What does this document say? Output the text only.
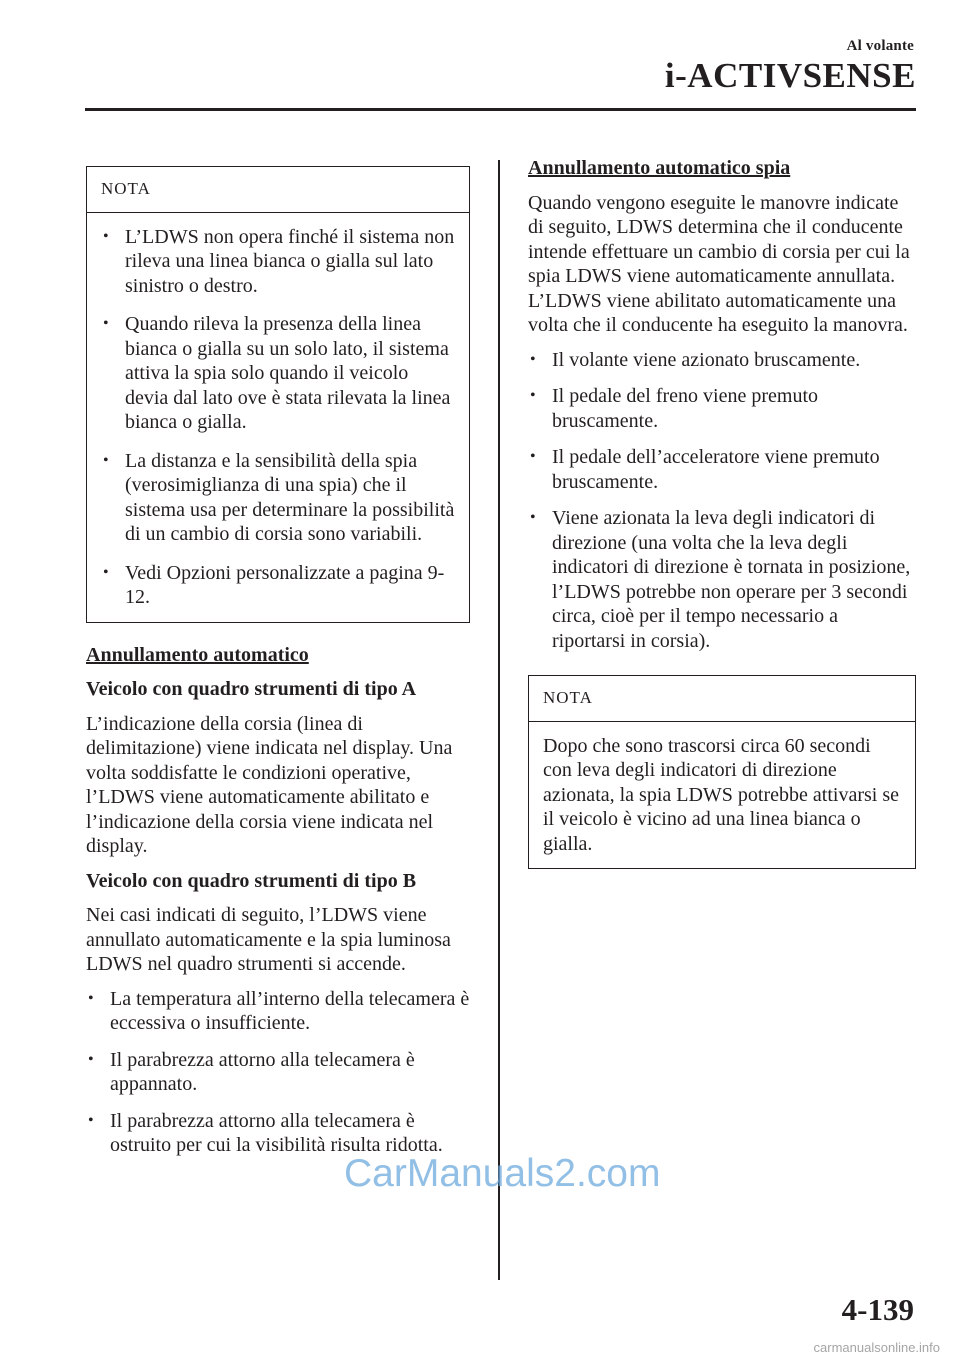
Al volante
i-ACTIVSENSE
NOTA
• L’LDWS non opera finché il sistema non rileva una linea bianca o gialla sul lato sinistro o destro.
• Quando rileva la presenza della linea bianca o gialla su un solo lato, il sistema attiva la spia solo quando il veicolo devia dal lato ove è stata rilevata la linea bianca o gialla.
• La distanza e la sensibilità della spia (verosimiglianza di una spia) che il sistema usa per determinare la possibilità di un cambio di corsia sono variabili.
• Vedi Opzioni personalizzate a pagina 9-12.

Annullamento automatico

Veicolo con quadro strumenti di tipo A

L’indicazione della corsia (linea di delimitazione) viene indicata nel display. Una volta soddisfatte le condizioni operative, l’LDWS viene automaticamente abilitato e l’indicazione della corsia viene indicata nel display.

Veicolo con quadro strumenti di tipo B

Nei casi indicati di seguito, l’LDWS viene annullato automaticamente e la spia luminosa LDWS nel quadro strumenti si accende.

• La temperatura all’interno della telecamera è eccessiva o insufficiente.
• Il parabrezza attorno alla telecamera è appannato.
• Il parabrezza attorno alla telecamera è ostruito per cui la visibilità risulta ridotta.

Annullamento automatico spia

Quando vengono eseguite le manovre indicate di seguito, LDWS determina che il conducente intende effettuare un cambio di corsia per cui la spia LDWS viene automaticamente annullata. L’LDWS viene abilitato automaticamente una volta che il conducente ha eseguito la manovra.

• Il volante viene azionato bruscamente.
• Il pedale del freno viene premuto bruscamente.
• Il pedale dell’acceleratore viene premuto bruscamente.
• Viene azionata la leva degli indicatori di direzione (una volta che la leva degli indicatori di direzione è tornata in posizione, l’LDWS potrebbe non operare per 3 secondi circa, cioè per il tempo necessario a riportarsi in corsia).
NOTA

Dopo che sono trascorsi circa 60 secondi con leva degli indicatori di direzione azionata, la spia LDWS potrebbe attivarsi se il veicolo è vicino ad una linea bianca o gialla.

CarManuals2.com
4-139
carmanualsonline.info
